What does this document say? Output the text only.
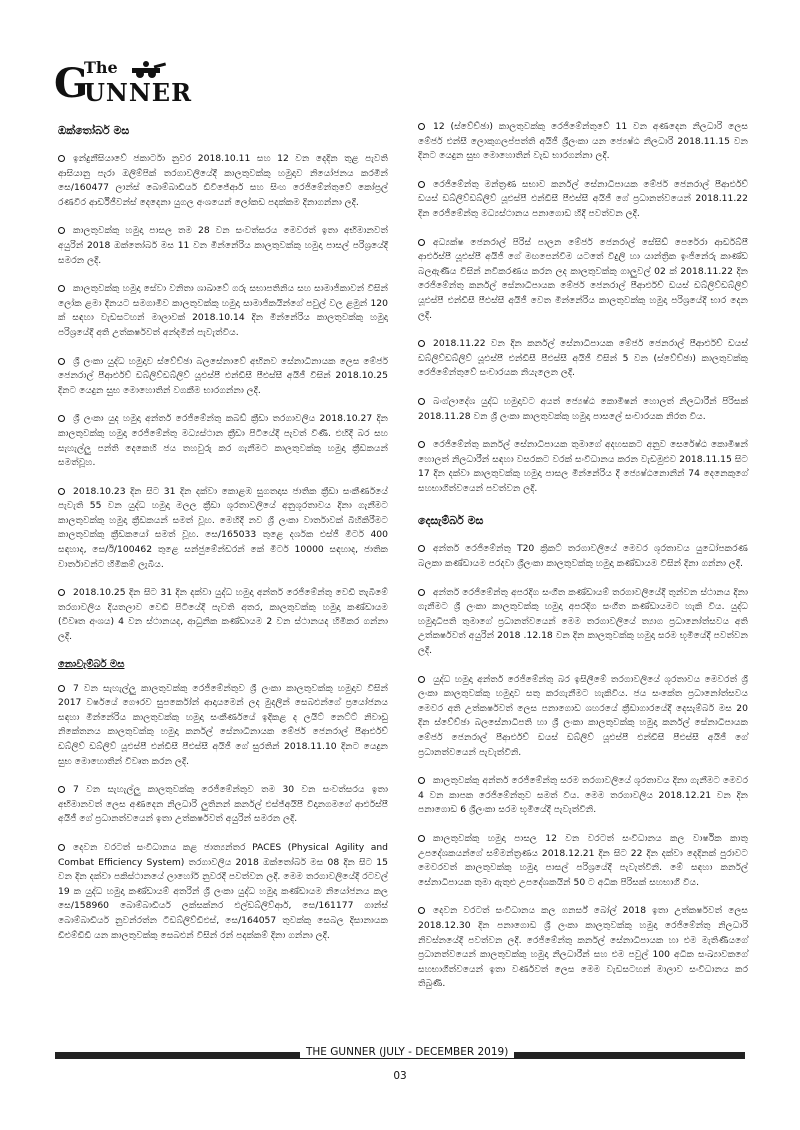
The
G
UNNER
ඔක්තෝබර් මස

ඉන්දුනීසියාවේ ජකාර්ටා නුවර 2018.10.11 සහ 12 වන දෙදින තුළ පැවති ආසියානු පැරා ඔලිම්පික් තරගාවලියේදී කාලතුවක්කු හමුදාව නියෝජනය කරමින් සෙ/160477 ලාන්ස් බොම්බාඩියර් ඩීවීජේආර් සහ සිංහ රෙජිමේන්තුවේ කෝප්‍රල් රණවීර ආර්ඩීජීවන්ස් දෙදෙනා යුගල අංශයෙන් ලෝකඩ පදක්කම දිනාගන්නා ලදී.

කාලතුවක්කු හමුදා පාසල තම 28 වන සංවත්සරය මෙවරත් ඉතා අභිමානවත් අයුරින් 2018 ඔක්තෝබර් මස 11 වන මින්නේරිය කාලතුවක්කු හමුදා පාසල් පරිශ්‍රයේදී සමරන ලදී.

කාලතුවක්කු හමුදා සේවා වනිතා ශාඛාවේ ගරු සභාපතිනිය සහ සාමාජිකාවන් විසින් ලෝක ළමා දිනයට සමගාමීව කාලතුවක්කු හමුදා සාමාජිකයින්ගේ පවුල් වල ළමුන් 120 ක් සඳහා වැඩසටහන් මාලාවක් 2018.10.14 දින මින්නේරිය කාලතුවක්කු හමුදා පරිශ්‍රයේදී අති උත්කර්ෂවත් අන්දමින් පැවැත්විය.

ශ්‍රී ලංකා යුද්ධ හමුදාව ස්වේච්ඡා බලසේනාවේ අභිනව සේනාධිනායක ලෙස මේජර් ජෙනරාල් පීආර්එච් ඩබ්ලිව්ඩබ්ලිව් යූඑස්පී එන්ඩීසී පීඑස්සී අයිජී විසින් 2018.10.25 දිනට යෙදුන සුභ මොහොතින් වගකීම භාරගන්නා ලදී.

ශ්‍රී ලංකා යුද හමුදා අන්තර් රෙජිමේන්තු කබඩ් ක්‍රීඩා තරගාවලිය 2018.10.27 දින කාලතුවක්කු හමුදා රෙජිමේන්තු මධ්‍යස්ථාන ක්‍රීඩා පිටියේදී පැවත් විණි. එහිදී බර සහ සැහැල්ලු පන්ති දෙකෙහි ජය තහවුරු කර ගැනීමට කාලතුවක්කු හමුදා ක්‍රීඩකයන් සමත්වූහ.

2018.10.23 දින සිට 31 දින දක්වා කොළඹ සුගතදාස ජාතික ක්‍රීඩා සංකීර්ණයේ පැවැති 55 වන යුද්ධ හමුදා මලල ක්‍රීඩා ශූරතාවලියේ අනුශූරතාවය දිනා ගැනීමට කාලතුවක්කු හමුදා ක්‍රීඩකයන් සමත් වූහ. මෙහිදී නව ශ්‍රී ලංකා වාර්තාවක් බිහිකිරීමට කාලතුවක්කු ක්‍රීඩකයෝ සමත් වූහ. සෙ/165033 තුළෙ දර්ශක එස්ජී මීටර් 400 සඳහාද, සෙ/ඊ/100462 තුළෙ සන්ජුමේන්ඩරන් කේ මීටර් 10000 සඳහාද, ජාතික වාර්තාවන්ට හිමිකම් ලැබීය.

2018.10.25 දින සිට 31 දින දක්වා යුද්ධ හමුදා අන්තර් රෙජිමේන්තු වෙඩි තැබීමේ තරගාවලිය දියතලාව වෙඩි පිටියේදී පැවති අතර, කාලතුවක්කු හමුදා කණ්ඩායම (විවෘත අංශය) 4 වන ස්ථානයද, ආධුනික කණ්ඩායම 2 වන ස්ථානයද හිමිකර ගන්නා ලදී.

නොවැම්බර් මස

7 වන සැහැල්ලු කාලතුවක්කු රෙජිමේන්තුව ශ්‍රී ලංකා කාලතුවක්කු හමුදාව විසින් 2017 වර්ෂයේ ගෞරව සුපර්කෝන් ආදායමෙන් ලද මුදලින් සෙබළුන්ගේ ප්‍රයෝජනය සඳහා මින්නේරිය කාලතුවක්කු හමුදා සංකීර්ණයේ ඉදිකළ ද ලයිට් නෙට්ට් නිවාඩු නිකේතනය කාලතුවක්කු හමුදා කර්නල් සේනාධිනායක මේජර් ජෙනරාල් පීආර්එච් ඩබ්ලිව් ඩබ්ලිව් යූඑස්පී එන්ඩීසී පීඑස්සී අයිජී ගේ සුරතින් 2018.11.10 දිනට යෙදුන සුභ මොහොතින් විවෘත කරන ලදී.

7 වන සැහැල්ලු කාලතුවක්කු රෙජිමේන්තුව තම 30 වන සංවත්සරය ඉතා අභිමානවත් ලෙස අණදෙන නිලධාරි ලුතිනන් කර්නල් එස්ජ්අයිපී විදානගමගේ ආර්එස්පී අයිජී ගේ ප්‍රධානත්වයෙන් ඉතා උත්කර්ෂවත් අයුරින් සමරන ලදී.

දෙවන වරටත් සංවිධානය කළ ජාත්‍යන්තර PACES (Physical Agility and Combat Efficiency System) තරගාවලිය 2018 ඔක්තෝබර් මස 08 දින සිට 15 වන දින දක්වා පකිස්ථානයේ ලාහෝර් නුවරදී පවත්වන ලදී. මෙම තරගාවලියේදී රටවල් 19 ක යුද්ධ හමුදා කණ්ඩායම් අතරින් ශ්‍රී ලංකා යුද්ධ හමුදා කණ්ඩායම නියෝජනය කල සෙ/158960 බොම්බාඩියර් ලක්සක්නර එල්ඩබ්ලිව්ආර්, සෙ/161177 ගාන්ස් බොම්බාඩියර් නුවන්රත්න ටීඩබ්ලිව්ඩීඑස්, සෙ/164057 තුවක්කු සෙබල දිසානායක ඩීඑම්ඩීඩී යන කාලතුවක්කු සෙබළුන් විසින් රන් පදක්කම් දිනා ගන්නා ලදී.

12 (ස්වේච්ඡා) කාලතුවක්කු රෙජිමේන්තුවේ 11 වන අණදෙන නිලධාරි ලෙස මේජර් එන්සී ලොකුගලප්පත්ති අයිජී ශ්‍රීලංකා යන ජ්‍යෙෂ්ඨ නිලධාරි 2018.11.15 වන දිනට යෙදුන සුභ මොහොතින් වැඩ භාරගන්නා ලදී.

රෙජිමේන්තු මන්ත්‍රණ සභාව කර්නල් සේනාධිපායක මේජර් ජෙනරාල් පීආර්එච් ඩයස් ඩබ්ලිව්ඩබ්ලිව් යූඑස්පී එන්ඩීසී පීඑස්සී අයිජී ගේ ප්‍රධානත්වයෙන් 2018.11.22 දින රෙජිමේන්තු මධ්‍යස්ථානය පනාගොඩ හිදී පවත්වන ලදී.

අධ්‍යක්ෂ ජෙනරාල් පිරිස් පාලන මේජර් ජෙනරාල් සේසිඩ් පෙරේරා ආර්ඩබ්පී ආර්එස්පී යූඑස්පී අයිජී ගේ මඟපෙන්වීම යටතේ විදුලි හා යාන්ත්‍රික ඉංජිනේරු කාණ්ඩ බලඇණිය විසින් නවීකරණය කරන ලද කාලතුවක්කු ගාලුවල් 02 ක් 2018.11.22 දින රෙජිමේන්තු කර්නල් සේනාධිපායක මේජර් ජෙනරාල් පීආර්එච් ඩයස් ඩබ්ලිව්ඩබ්ලිව් යූඑස්පී එන්ඩීසී පීඑස්සී අයිජී වෙත මින්නේරිය කාලතුවක්කු හමුදා පරිශ්‍රයේදී භාර දෙන ලදී.

2018.11.22 වන දින කර්නල් සේනාධිපායක මේජර් ජෙනරාල් පීආර්එච් ඩයස් ඩබ්ලිව්ඩබ්ලිව් යූඑස්පී එන්ඩීසී පීඑස්සී අයිජී විසින් 5 වන (ස්වේච්ඡා) කාලතුවක්කු රෙජිමේන්තුවේ සංචාරයක නියැලෙන ලදී.

බංග්ලාදේශ යුද්ධ හමුදාවට අයත් ජ්‍යෙෂ්ඨ කොමිෂන් හොලත් නිලධාරීන් පිරිසක් 2018.11.28 වන ශ්‍රී ලංකා කාලතුවක්කු හමුදා පාසලේ සංචාරයක නිරත විය.

රෙජිමේන්තු කර්නල් සේනාධිපායක තුමාගේ අදහසකට අනුව සෙරේෂ්ඨ කොමිෂන් හොලත් නිලධාරීන් සඳහා වසරකට වරක් සංවිධානය කරන වැඩමුළුව 2018.11.15 සිට 17 දින දක්වා කාලතුවක්කු හමුදා පාසල මින්නේරිය දී ජ්‍යෙෂ්ඨනොනින් 74 දෙනෙකුගේ සහභාගිත්වයෙන් පවත්වන ලදී.

දෙසැම්බර් මස

අන්තර් රෙජිමේන්තු T20 ක්‍රිකට් තරගාවලියේ මෙවර ශූරතාවය යුධෝපකරණ බලකා කණ්ඩායම පරදවා ශ්‍රීලංකා කාලතුවක්කු හමුදා කණ්ඩායම විසින් දිනා ගන්නා ලදී.

අන්තර් රෙජිමේන්තු අපරදිග සංගීත කණ්ඩායම් තරගාවලියේදී තුන්වන ස්ථානය දිනා ගැනීමට ශ්‍රී ලංකා කාලතුවක්කු හමුදා අපරදිග සංගීත කණ්ඩායමට හැකි විය. යුද්ධ හමුදාධිපති තුමාගේ ප්‍රධානත්වයෙන් මෙම තරගාවලියේ ත්‍යාග ප්‍රධානෝත්සවය අති උත්කර්ෂවත් අයුරින් 2018 .12.18 වන දින කාලතුවක්කු හමුදා සරම භූමියේදී පවත්වන ලදී.

යුද්ධ හමුදා අන්තර් රෙජිමේන්තු බර ඉසිලීමේ තරගාවලියේ ශූරතාවය මෙවරත් ශ්‍රී ලංකා කාලතුවක්කු හමුදාව සතු කරගැනීමට හැකිවිය. ජය සංකේත ප්‍රධානෝත්සවය මෙවර අති උත්කර්ෂවත් ලෙස පනාගොඩ ශහරයේ ක්‍රීඩාගාරයේදී දෙසැම්බර් මස 20 දින ස්වේච්ඡා බලසේනාධිපති හා ශ්‍රී ලංකා කාලතුවක්කු හමුදා කර්නල් සේනාධිපායක මේජර් ජෙනරාල් පීආර්එච් ඩයස් ඩබ්ලිව් යූඑස්පී එන්ඩීසී පීඑස්සී අයිජී ගේ ප්‍රධානත්වයෙන් පැවැත්විනි.

කාලතුවක්කු අන්තර් රෙජිමේන්තු සරම තරගාවලියේ ශූරතාවය දිනා ගැනීමට මෙවර 4 වන කාපක රෙජිමේන්තුව සමත් විය. මෙම තරගාවලිය 2018.12.21 වන දින පනාගොඩ 6 ශ්‍රීලංකා සරම භූමියේදී පැවැත්විනි.

කාලතුවක්කු හමුදා පාසල 12 වන වරටත් සංවිධානය කල වාර්ෂික කාතු උපදේශකයන්ගේ සම්මන්ත්‍රණය 2018.12.21 දින සිට 22 දින දක්වා දෙදිනක් පුරාවට මෙවරවත් කාලතුවක්කු හමුදා පාසල් පරිශ්‍රයේදී පැවැත්විනි. මේ සඳහා කර්නල් සේනාධිපායක තුමා ඇතුළු උපදේශකයින් 50 ට අධික පිරිසක් සහභාගී විය.

දෙවන වරටත් සංවිධානය කල ගනර්ස් බෝල් 2018 ඉතා උත්කර්ෂවත් ලෙස 2018.12.30 දින පනාගොඩ ශ්‍රී ලංකා කාලතුවක්කු හමුදා රෙජිමේන්තු නිලධාරි නිවස්නයේදී පවත්වන ලදී. රෙජිමේන්තු කර්නල් සේනාධිපායක හා එම මැතිණියගේ ප්‍රධානත්වයෙන් කාලතුවක්කු හමුදා නිලධාරීන් සහ එම පවුල් 100 අධික සංඛ්‍යාවකගේ සහභාගීත්වයෙන් ඉතා වර්ණවත් ලෙස මෙම වැඩසටහන් මාලාව සංවිධානය කර තිබුණි.

THE GUNNER (JULY - DECEMBER 2019)
03
